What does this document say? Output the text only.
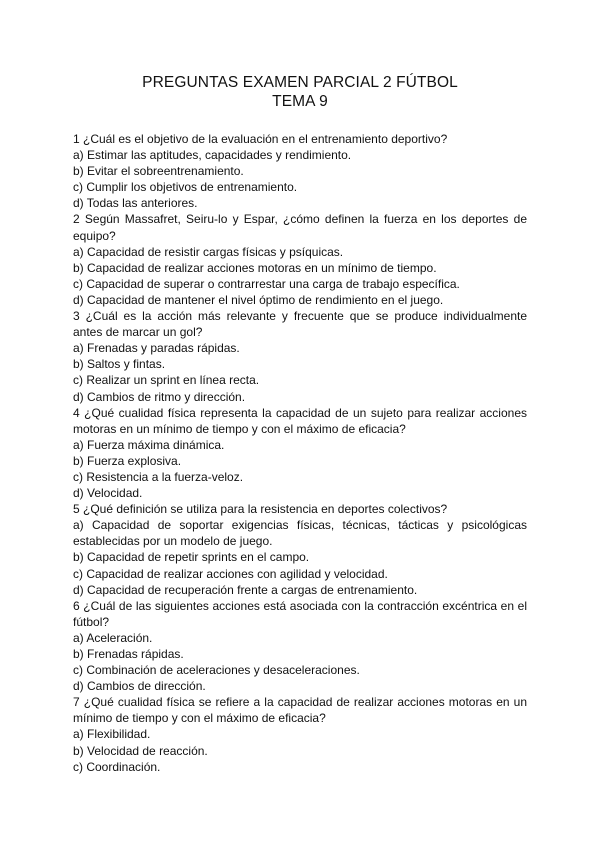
PREGUNTAS EXAMEN PARCIAL 2 FÚTBOL
TEMA 9
1 ¿Cuál es el objetivo de la evaluación en el entrenamiento deportivo?
a) Estimar las aptitudes, capacidades y rendimiento.
b) Evitar el sobreentrenamiento.
c) Cumplir los objetivos de entrenamiento.
d) Todas las anteriores.
2 Según Massafret, Seiru-lo y Espar, ¿cómo definen la fuerza en los deportes de equipo?
a) Capacidad de resistir cargas físicas y psíquicas.
b) Capacidad de realizar acciones motoras en un mínimo de tiempo.
c) Capacidad de superar o contrarrestar una carga de trabajo específica.
d) Capacidad de mantener el nivel óptimo de rendimiento en el juego.
3 ¿Cuál es la acción más relevante y frecuente que se produce individualmente antes de marcar un gol?
a) Frenadas y paradas rápidas.
b) Saltos y fintas.
c) Realizar un sprint en línea recta.
d) Cambios de ritmo y dirección.
4 ¿Qué cualidad física representa la capacidad de un sujeto para realizar acciones motoras en un mínimo de tiempo y con el máximo de eficacia?
a) Fuerza máxima dinámica.
b) Fuerza explosiva.
c) Resistencia a la fuerza-veloz.
d) Velocidad.
5 ¿Qué definición se utiliza para la resistencia en deportes colectivos?
a) Capacidad de soportar exigencias físicas, técnicas, tácticas y psicológicas establecidas por un modelo de juego.
b) Capacidad de repetir sprints en el campo.
c) Capacidad de realizar acciones con agilidad y velocidad.
d) Capacidad de recuperación frente a cargas de entrenamiento.
6 ¿Cuál de las siguientes acciones está asociada con la contracción excéntrica en el fútbol?
a) Aceleración.
b) Frenadas rápidas.
c) Combinación de aceleraciones y desaceleraciones.
d) Cambios de dirección.
7 ¿Qué cualidad física se refiere a la capacidad de realizar acciones motoras en un mínimo de tiempo y con el máximo de eficacia?
a) Flexibilidad.
b) Velocidad de reacción.
c) Coordinación.
